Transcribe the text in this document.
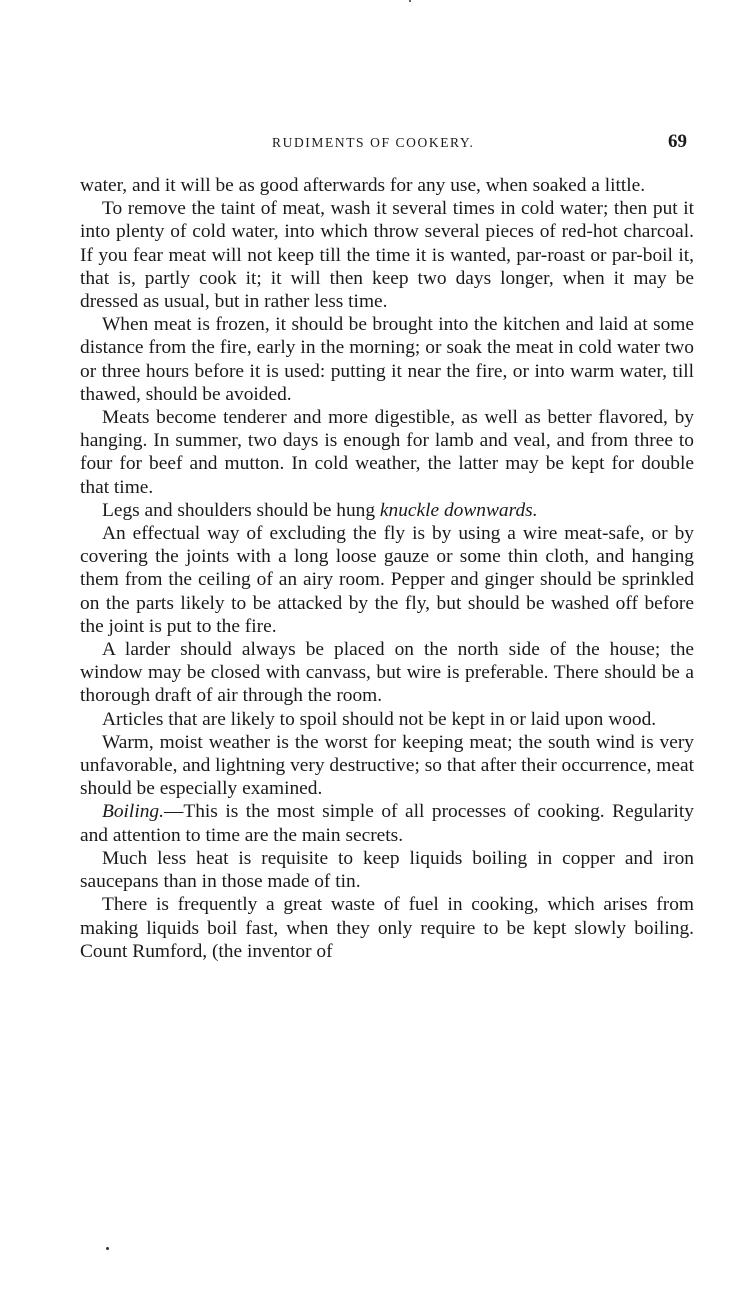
RUDIMENTS OF COOKERY.	69

water, and it will be as good afterwards for any use, when soaked a little.

To remove the taint of meat, wash it several times in cold water; then put it into plenty of cold water, into which throw several pieces of red-hot charcoal. If you fear meat will not keep till the time it is wanted, par-roast or par-boil it, that is, partly cook it; it will then keep two days longer, when it may be dressed as usual, but in rather less time.

When meat is frozen, it should be brought into the kitchen and laid at some distance from the fire, early in the morning; or soak the meat in cold water two or three hours before it is used: putting it near the fire, or into warm water, till thawed, should be avoided.

Meats become tenderer and more digestible, as well as better flavored, by hanging. In summer, two days is enough for lamb and veal, and from three to four for beef and mutton. In cold weather, the latter may be kept for double that time.

Legs and shoulders should be hung knuckle downwards.

An effectual way of excluding the fly is by using a wire meat-safe, or by covering the joints with a long loose gauze or some thin cloth, and hanging them from the ceiling of an airy room. Pepper and ginger should be sprinkled on the parts likely to be attacked by the fly, but should be washed off before the joint is put to the fire.

A larder should always be placed on the north side of the house; the window may be closed with canvass, but wire is preferable. There should be a thorough draft of air through the room.

Articles that are likely to spoil should not be kept in or laid upon wood.

Warm, moist weather is the worst for keeping meat; the south wind is very unfavorable, and lightning very destructive; so that after their occurrence, meat should be especially examined.

Boiling.—This is the most simple of all processes of cooking. Regularity and attention to time are the main secrets.

Much less heat is requisite to keep liquids boiling in copper and iron saucepans than in those made of tin.

There is frequently a great waste of fuel in cooking, which arises from making liquids boil fast, when they only require to be kept slowly boiling. Count Rumford, (the inventor of
